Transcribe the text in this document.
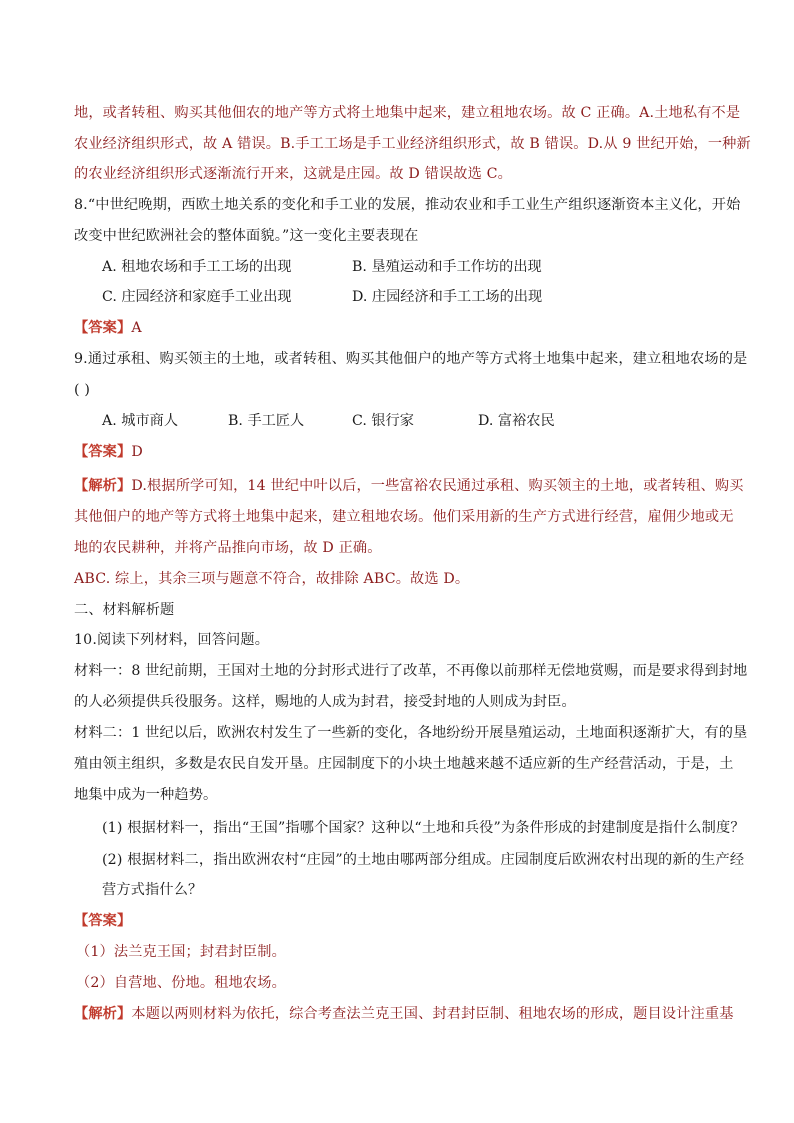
地，或者转租、购买其他佃农的地产等方式将土地集中起来，建立租地农场。故 C 正确。A.土地私有不是
农业经济组织形式，故 A 错误。B.手工工场是手工业经济组织形式，故 B 错误。D.从 9 世纪开始，一种新
的农业经济组织形式逐渐流行开来，这就是庄园。故 D 错误故选 C。
8.“中世纪晚期，西欧土地关系的变化和手工业的发展，推动农业和手工业生产组织逐渐资本主义化，开始
改变中世纪欧洲社会的整体面貌。”这一变化主要表现在
A. 租地农场和手工工场的出现	B. 垦殖运动和手工作坊的出现
C. 庄园经济和家庭手工业出现	D. 庄园经济和手工工场的出现
【答案】A
9.通过承租、购买领主的土地，或者转租、购买其他佃户的地产等方式将土地集中起来，建立租地农场的是
( )
A. 城市商人	B. 手工匠人	C. 银行家	D. 富裕农民
【答案】D
【解析】D.根据所学可知，14 世纪中叶以后，一些富裕农民通过承租、购买领主的土地，或者转租、购买
其他佃户的地产等方式将土地集中起来，建立租地农场。他们采用新的生产方式进行经营，雇佣少地或无
地的农民耕种，并将产品推向市场，故 D 正确。
ABC. 综上，其余三项与题意不符合，故排除 ABC。故选 D。
二、材料解析题
10.阅读下列材料，回答问题。
材料一：8 世纪前期，王国对土地的分封形式进行了改革，不再像以前那样无偿地赏赐，而是要求得到封地
的人必须提供兵役服务。这样，赐地的人成为封君，接受封地的人则成为封臣。
材料二：1 世纪以后，欧洲农村发生了一些新的变化，各地纷纷开展垦殖运动，土地面积逐渐扩大，有的垦
殖由领主组织，多数是农民自发开垦。庄园制度下的小块土地越来越不适应新的生产经营活动，于是，土
地集中成为一种趋势。
(1) 根据材料一，指出“王国”指哪个国家？这种以“土地和兵役”为条件形成的封建制度是指什么制度？
(2) 根据材料二，指出欧洲农村“庄园”的土地由哪两部分组成。庄园制度后欧洲农村出现的新的生产经
营方式指什么？
【答案】
（1）法兰克王国；封君封臣制。
（2）自营地、份地。租地农场。
【解析】本题以两则材料为依托，综合考查法兰克王国、封君封臣制、租地农场的形成，题目设计注重基
